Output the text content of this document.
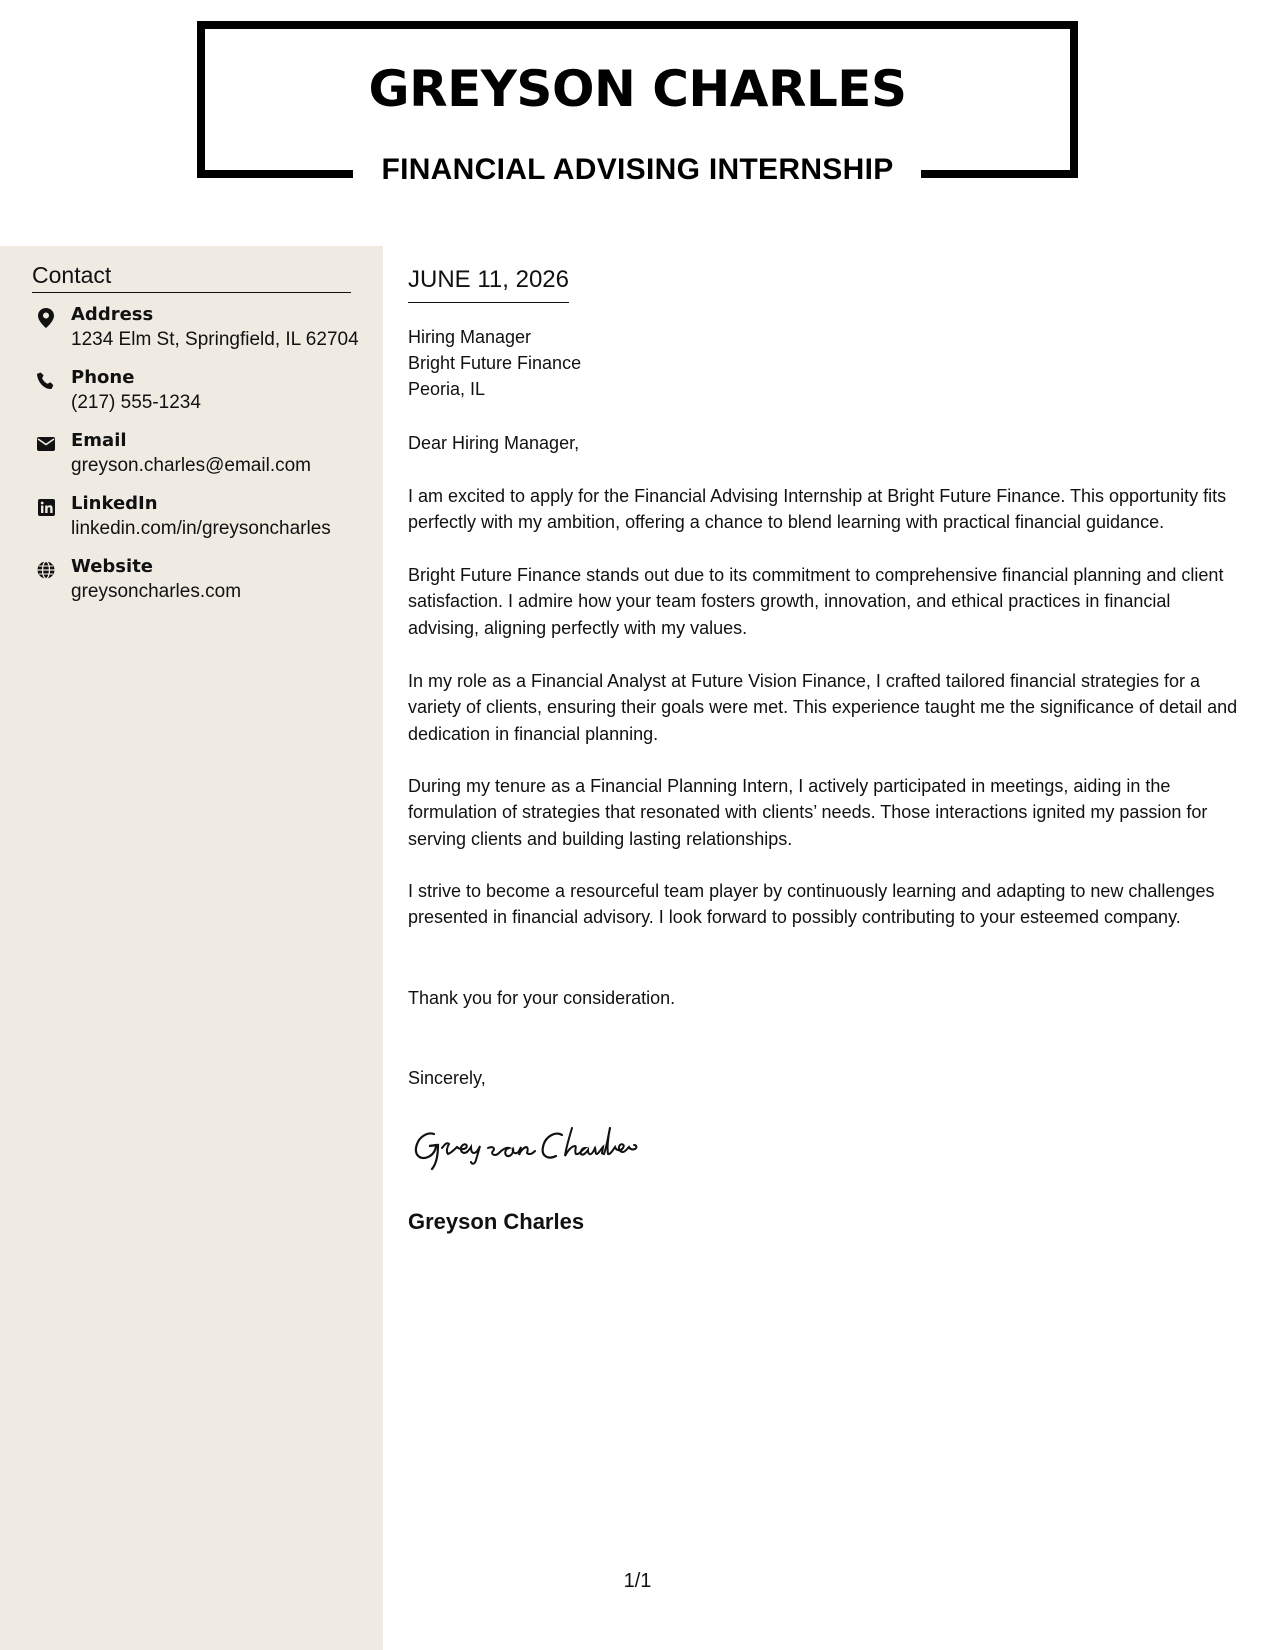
GREYSON CHARLES
FINANCIAL ADVISING INTERNSHIP
Contact
Address
1234 Elm St, Springfield, IL 62704
Phone
(217) 555-1234
Email
greyson.charles@email.com
LinkedIn
linkedin.com/in/greysoncharles
Website
greysoncharles.com
JUNE 11, 2026
Hiring Manager
Bright Future Finance
Peoria, IL
Dear Hiring Manager,

I am excited to apply for the Financial Advising Internship at Bright Future Finance. This opportunity fits perfectly with my ambition, offering a chance to blend learning with practical financial guidance.

Bright Future Finance stands out due to its commitment to comprehensive financial planning and client satisfaction. I admire how your team fosters growth, innovation, and ethical practices in financial advising, aligning perfectly with my values.

In my role as a Financial Analyst at Future Vision Finance, I crafted tailored financial strategies for a variety of clients, ensuring their goals were met. This experience taught me the significance of detail and dedication in financial planning.

During my tenure as a Financial Planning Intern, I actively participated in meetings, aiding in the formulation of strategies that resonated with clients’ needs. Those interactions ignited my passion for serving clients and building lasting relationships.

I strive to become a resourceful team player by continuously learning and adapting to new challenges presented in financial advisory. I look forward to possibly contributing to your esteemed company.

Thank you for your consideration.
Sincerely,
Greyson Charles
1/1
